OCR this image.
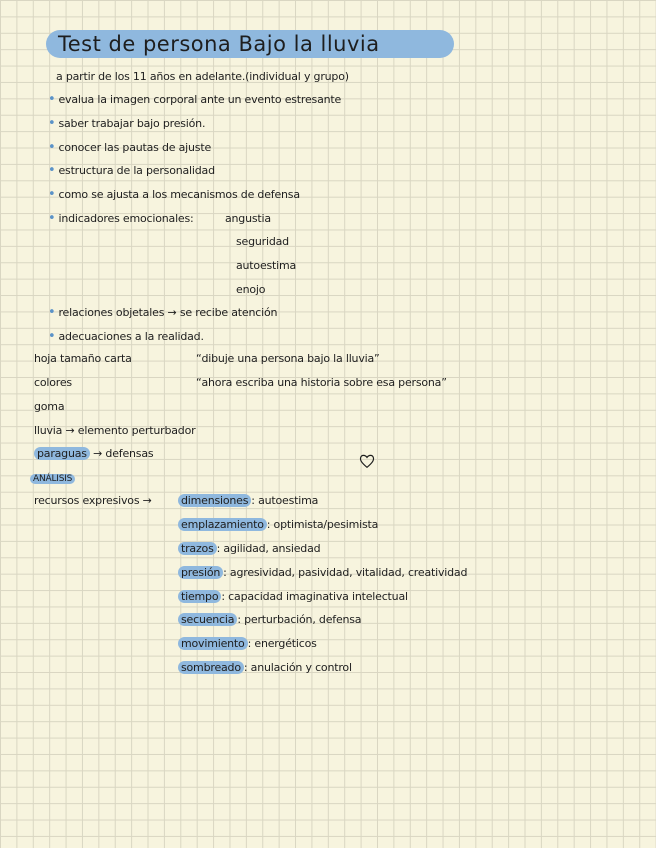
Test de persona Bajo la lluvia
a partir de los 11 años en adelante.(individual y grupo)
• evalua la imagen corporal ante un evento estresante
• saber trabajar bajo presión.
• conocer las pautas de ajuste
• estructura de la personalidad
• como se ajusta a los mecanismos de defensa
• indicadores emocionales:	angustia
seguridad
autoestima
enojo
• relaciones objetales → se recibe atención
• adecuaciones a la realidad.
hoja tamaño carta	“dibuje una persona bajo la lluvia”
colores	“ahora escriba una historia sobre esa persona”
goma
lluvia → elemento perturbador
paraguas → defensas
ANÁLISIS
recursos expresivos →	dimensiones : autoestima
emplazamiento : optimista/pesimista
trazos : agilidad, ansiedad
presión : agresividad, pasividad, vitalidad, creatividad
tiempo : capacidad imaginativa intelectual
secuencia : perturbación, defensa
movimiento : energéticos
sombreado : anulación y control
